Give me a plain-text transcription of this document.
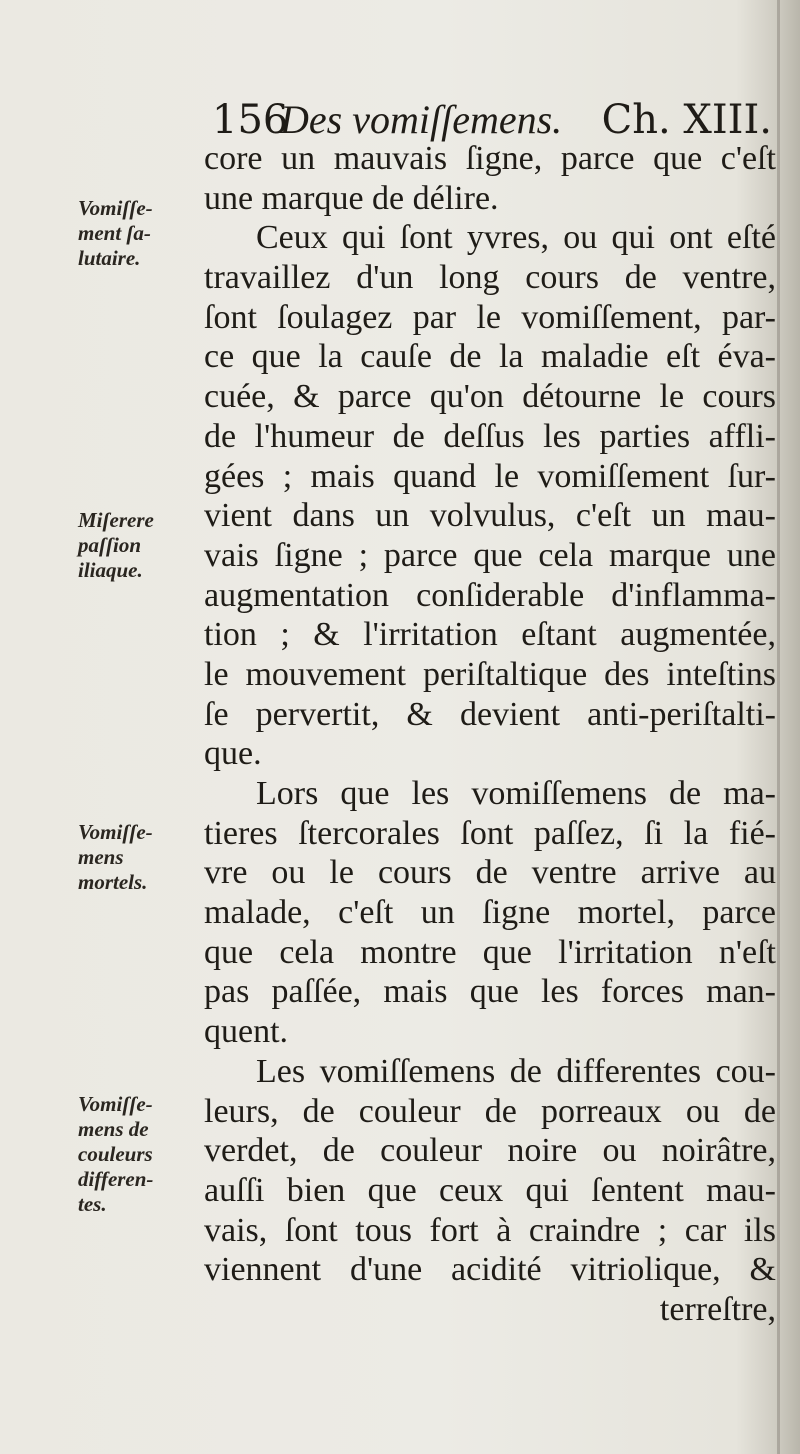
156Des vomiſſemens. Ch. XIII.
Vomiſſe-
ment ſa-
lutaire.
Miſerere
paſſion
iliaque.
Vomiſſe-
mens
mortels.
Vomiſſe-
mens de
couleurs
differen-
tes.
core un mauvais ſigne, parce que c'eſt
une marque de délire.
Ceux qui ſont yvres, ou qui ont eſté
travaillez d'un long cours de ventre,
ſont ſoulagez par le vomiſſement, par-
ce que la cauſe de la maladie eſt éva-
cuée, & parce qu'on détourne le cours
de l'humeur de deſſus les parties affli-
gées ; mais quand le vomiſſement ſur-
vient dans un volvulus, c'eſt un mau-
vais ſigne ; parce que cela marque une
augmentation conſiderable d'inflamma-
tion ; & l'irritation eſtant augmentée,
le mouvement periſtaltique des inteſtins
ſe pervertit, & devient anti-periſtalti-
que.
Lors que les vomiſſemens de ma-
tieres ſtercorales ſont paſſez, ſi la fié-
vre ou le cours de ventre arrive au
malade, c'eſt un ſigne mortel, parce
que cela montre que l'irritation n'eſt
pas paſſée, mais que les forces man-
quent.
Les vomiſſemens de differentes cou-
leurs, de couleur de porreaux ou de
verdet, de couleur noire ou noirâtre,
auſſi bien que ceux qui ſentent mau-
vais, ſont tous fort à craindre ; car ils
viennent d'une acidité vitriolique, &
terreſtre,
